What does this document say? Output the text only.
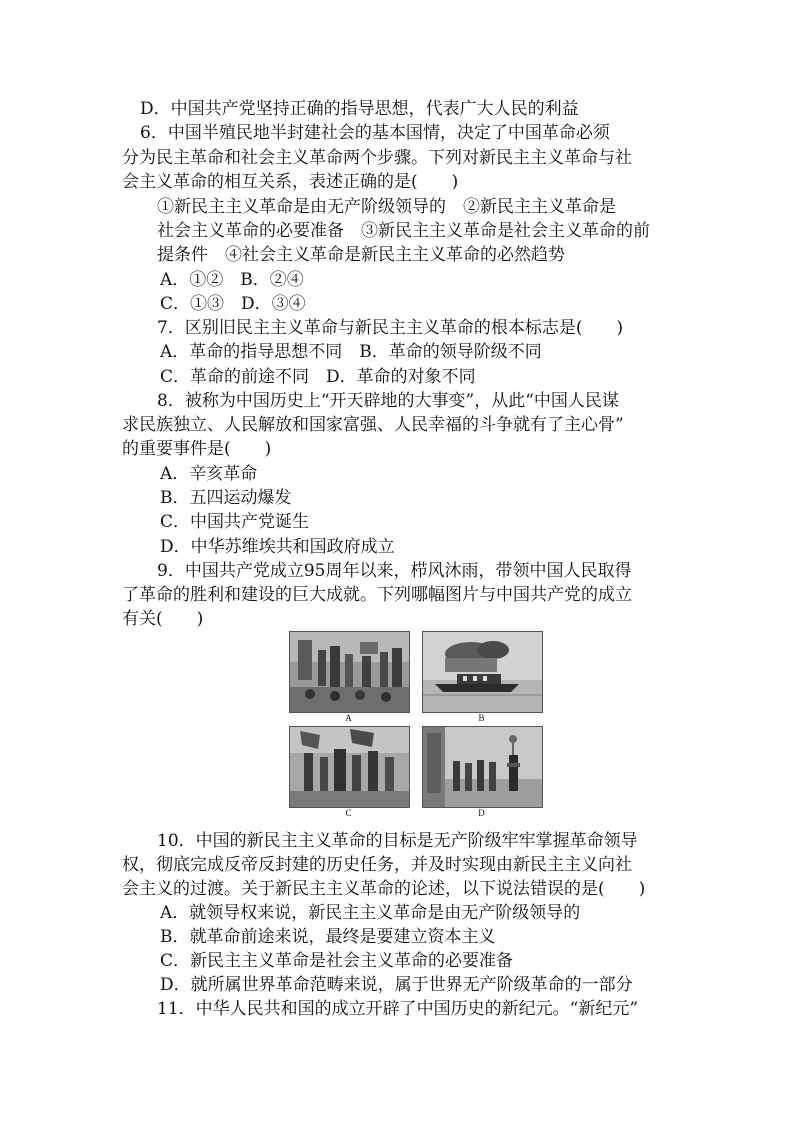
D．中国共产党坚持正确的指导思想，代表广大人民的利益
6．中国半殖民地半封建社会的基本国情，决定了中国革命必须
分为民主革命和社会主义革命两个步骤。下列对新民主主义革命与社
会主义革命的相互关系，表述正确的是(　　)
①新民主主义革命是由无产阶级领导的　②新民主主义革命是
社会主义革命的必要准备　③新民主主义革命是社会主义革命的前
提条件　④社会主义革命是新民主主义革命的必然趋势
A．①②　B．②④
C．①③　D．③④
7．区别旧民主主义革命与新民主主义革命的根本标志是(　　)
A．革命的指导思想不同　B．革命的领导阶级不同
C．革命的前途不同　D．革命的对象不同
8．被称为中国历史上“开天辟地的大事变”，从此“中国人民谋
求民族独立、人民解放和国家富强、人民幸福的斗争就有了主心骨”
的重要事件是(　　)
A．辛亥革命
B．五四运动爆发
C．中国共产党诞生
D．中华苏维埃共和国政府成立
9．中国共产党成立95周年以来，栉风沐雨，带领中国人民取得
了革命的胜利和建设的巨大成就。下列哪幅图片与中国共产党的成立
有关(　　)
A	B
C	D
10．中国的新民主主义革命的目标是无产阶级牢牢掌握革命领导
权，彻底完成反帝反封建的历史任务，并及时实现由新民主主义向社
会主义的过渡。关于新民主主义革命的论述，以下说法错误的是(　　)
A．就领导权来说，新民主主义革命是由无产阶级领导的
B．就革命前途来说，最终是要建立资本主义
C．新民主主义革命是社会主义革命的必要准备
D．就所属世界革命范畴来说，属于世界无产阶级革命的一部分
11．中华人民共和国的成立开辟了中国历史的新纪元。“新纪元”
